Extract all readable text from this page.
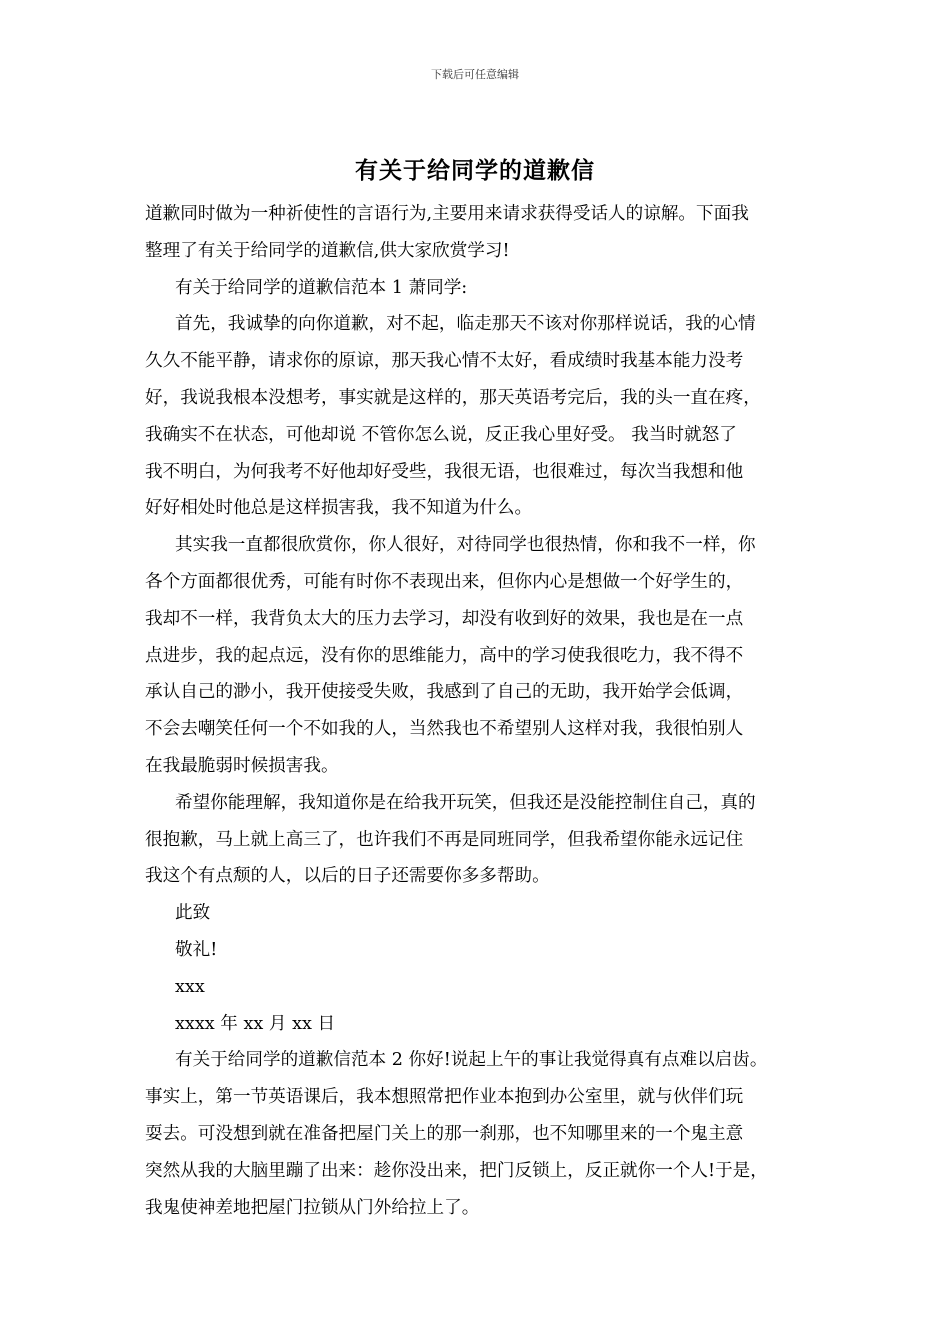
下载后可任意编辑
有关于给同学的道歉信
道歉同时做为一种祈使性的言语行为,主要用来请求获得受话人的谅解。下面我
整理了有关于给同学的道歉信,供大家欣赏学习!
有关于给同学的道歉信范本 1 萧同学:
首先，我诚挚的向你道歉，对不起，临走那天不该对你那样说话，我的心情
久久不能平静，请求你的原谅，那天我心情不太好，看成绩时我基本能力没考
好，我说我根本没想考，事实就是这样的，那天英语考完后，我的头一直在疼，
我确实不在状态，可他却说 不管你怎么说，反正我心里好受。 我当时就怒了
我不明白，为何我考不好他却好受些，我很无语，也很难过，每次当我想和他
好好相处时他总是这样损害我，我不知道为什么。
其实我一直都很欣赏你，你人很好，对待同学也很热情，你和我不一样，你
各个方面都很优秀，可能有时你不表现出来，但你内心是想做一个好学生的，
我却不一样，我背负太大的压力去学习，却没有收到好的效果，我也是在一点
点进步，我的起点远，没有你的思维能力，高中的学习使我很吃力，我不得不
承认自己的渺小，我开使接受失败，我感到了自己的无助，我开始学会低调，
不会去嘲笑任何一个不如我的人，当然我也不希望别人这样对我，我很怕别人
在我最脆弱时候损害我。
希望你能理解，我知道你是在给我开玩笑，但我还是没能控制住自己，真的
很抱歉，马上就上高三了，也许我们不再是同班同学，但我希望你能永远记住
我这个有点颓的人，以后的日子还需要你多多帮助。
此致
敬礼!
xxx
xxxx 年 xx 月 xx 日
有关于给同学的道歉信范本 2 你好!说起上午的事让我觉得真有点难以启齿。
事实上，第一节英语课后，我本想照常把作业本抱到办公室里，就与伙伴们玩
耍去。可没想到就在准备把屋门关上的那一刹那，也不知哪里来的一个鬼主意
突然从我的大脑里蹦了出来：趁你没出来，把门反锁上，反正就你一个人!于是，
我鬼使神差地把屋门拉锁从门外给拉上了。
